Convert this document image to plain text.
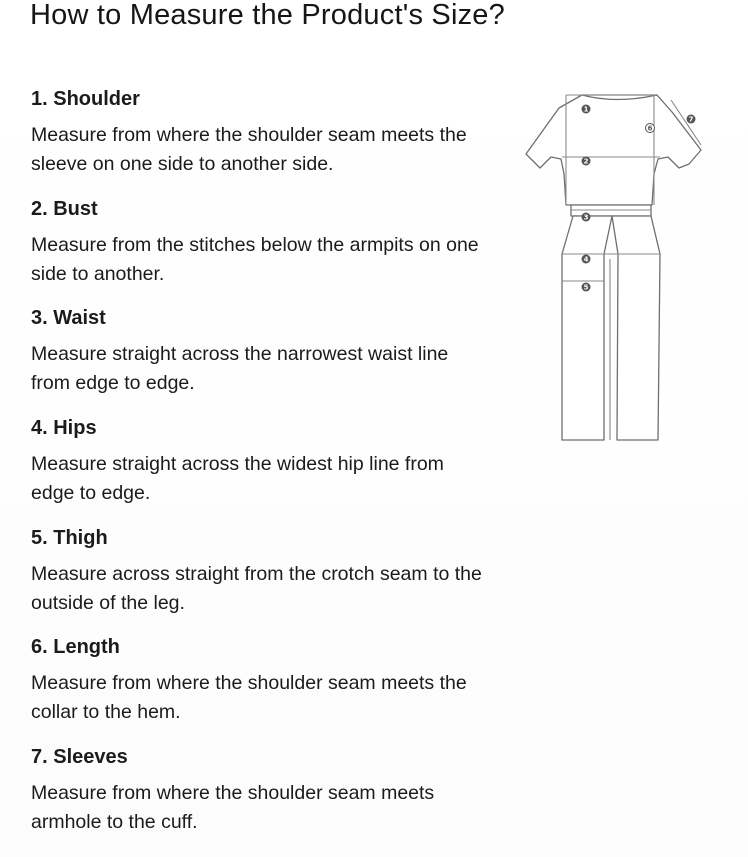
How to Measure the Product's Size?
1. Shoulder

Measure from where the shoulder seam meets the sleeve on one side to another side.

2. Bust

Measure from the stitches below the armpits on one side to another.

3. Waist

Measure straight across the narrowest waist line from edge to edge.

4. Hips

Measure straight across the widest hip line from edge to edge.

5. Thigh

Measure across straight from the crotch seam to the outside of the leg.

6. Length

Measure from where the shoulder seam meets the collar to the hem.

7. Sleeves

Measure from where the shoulder seam meets armhole to the cuff.

1
2
3
4
5
6
7
